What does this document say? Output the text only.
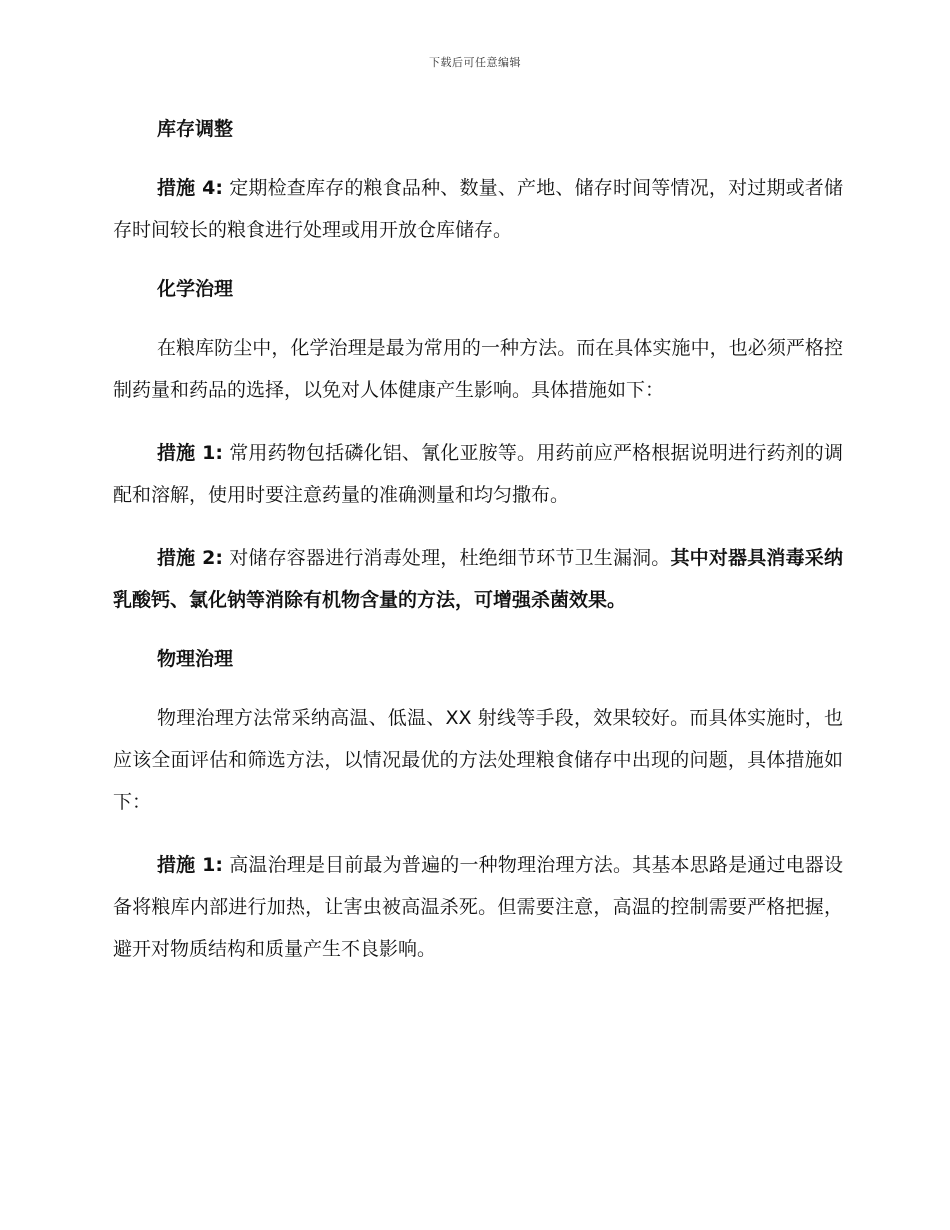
下载后可任意编辑
库存调整

措施 4: 定期检查库存的粮食品种、数量、产地、储存时间等情况，对过期或者储存时间较长的粮食进行处理或用开放仓库储存。

化学治理

在粮库防尘中，化学治理是最为常用的一种方法。而在具体实施中，也必须严格控制药量和药品的选择，以免对人体健康产生影响。具体措施如下：

措施 1: 常用药物包括磷化铝、氰化亚胺等。用药前应严格根据说明进行药剂的调配和溶解，使用时要注意药量的准确测量和均匀撒布。

措施 2: 对储存容器进行消毒处理，杜绝细节环节卫生漏洞。其中对器具消毒采纳乳酸钙、氯化钠等消除有机物含量的方法，可增强杀菌效果。

物理治理

物理治理方法常采纳高温、低温、XX 射线等手段，效果较好。而具体实施时，也应该全面评估和筛选方法，以情况最优的方法处理粮食储存中出现的问题，具体措施如下：

措施 1: 高温治理是目前最为普遍的一种物理治理方法。其基本思路是通过电器设备将粮库内部进行加热，让害虫被高温杀死。但需要注意，高温的控制需要严格把握，避开对物质结构和质量产生不良影响。
